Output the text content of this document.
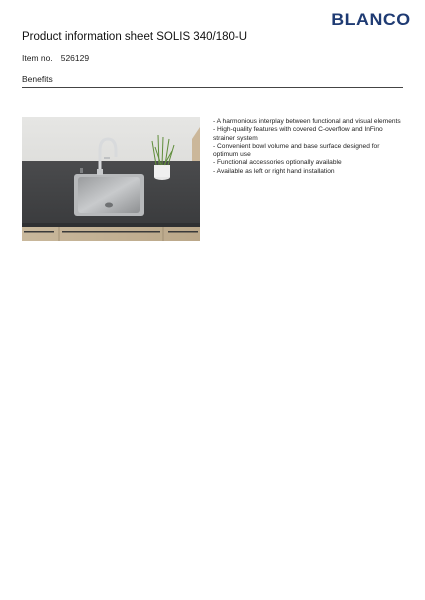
BLANCO
Product information sheet SOLIS 340/180-U
Item no. 526129
Benefits
- A harmonious interplay between functional and visual elements
- High-quality features with covered C-overflow and InFino strainer system
- Convenient bowl volume and base surface designed for optimum use
- Functional accessories optionally available
- Available as left or right hand installation
